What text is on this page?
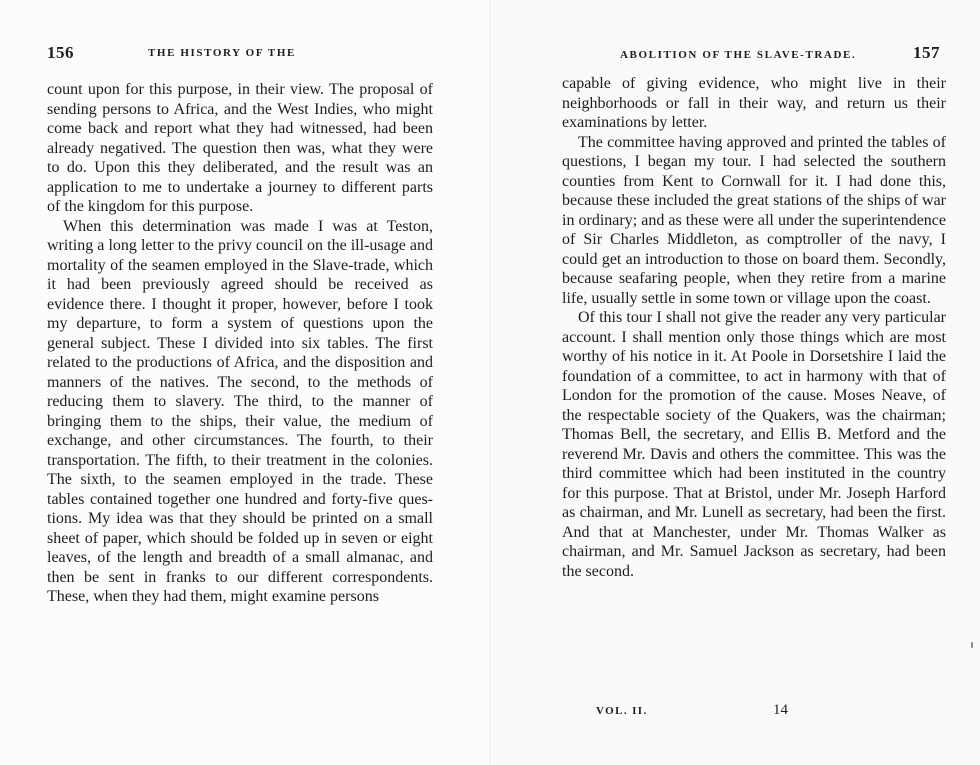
156	THE HISTORY OF THE	ABOLITION OF THE SLAVE-TRADE.	157

count upon for this purpose, in their view. The proposal of sending persons to Africa, and the West Indies, who might come back and report what they had witnessed, had been already negatived. The question then was, what they were to do. Upon this they deliberated, and the result was an application to me to undertake a journey to different parts of the kingdom for this purpose.

When this determination was made I was at Teston, writing a long letter to the privy council on the ill-usage and mortality of the seamen employed in the Slave-trade, which it had been previously agreed should be received as evidence there. I thought it proper, however, before I took my departure, to form a system of questions upon the general subject. These I divided into six tables. The first related to the productions of Africa, and the disposition and manners of the natives. The second, to the methods of reducing them to slavery. The third, to the manner of bringing them to the ships, their value, the medium of exchange, and other circumstances. The fourth, to their transportation. The fifth, to their treatment in the colonies. The sixth, to the seamen employed in the trade. These tables contained together one hundred and forty-five questions. My idea was that they should be printed on a small sheet of paper, which should be folded up in seven or eight leaves, of the length and breadth of a small almanac, and then be sent in franks to our different correspondents. These, when they had them, might examine persons

capable of giving evidence, who might live in their neighborhoods or fall in their way, and return us their examinations by letter.

The committee having approved and printed the tables of questions, I began my tour. I had selected the southern counties from Kent to Cornwall for it. I had done this, because these included the great stations of the ships of war in ordinary; and as these were all under the superintendence of Sir Charles Middleton, as comptroller of the navy, I could get an introduction to those on board them. Secondly, because seafaring people, when they retire from a marine life, usually settle in some town or village upon the coast.

Of this tour I shall not give the reader any very particular account. I shall mention only those things which are most worthy of his notice in it. At Poole in Dorsetshire I laid the foundation of a committee, to act in harmony with that of London for the promotion of the cause. Moses Neave, of the respectable society of the Quakers, was the chairman; Thomas Bell, the secretary, and Ellis B. Metford and the reverend Mr. Davis and others the committee. This was the third committee which had been instituted in the country for this purpose. That at Bristol, under Mr. Joseph Harford as chairman, and Mr. Lunell as secretary, had been the first. And that at Manchester, under Mr. Thomas Walker as chairman, and Mr. Samuel Jackson as secretary, had been the second.

VOL. II.	14
